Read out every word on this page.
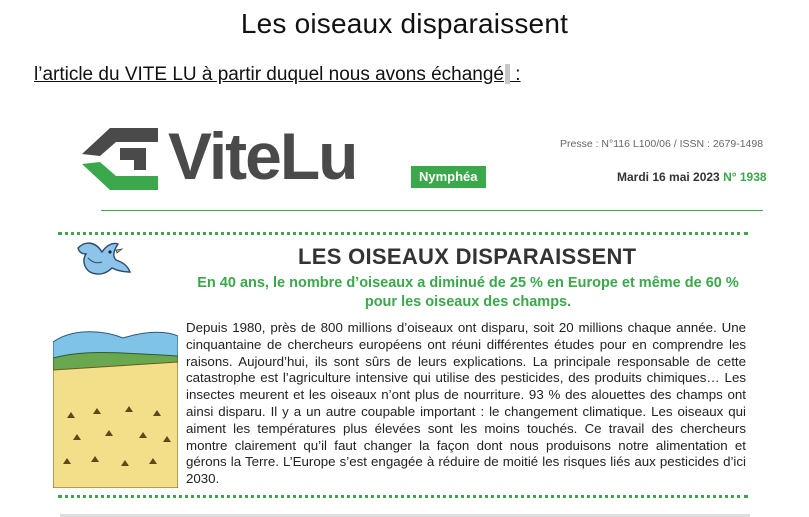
Les oiseaux disparaissent
l’article du VITE LU à partir duquel nous avons échangé :
ViteLu	Nymphéa
Presse : N°116 L100/06 / ISSN : 2679-1498
Mardi 16 mai 2023 N° 1938
LES OISEAUX DISPARAISSENT
En 40 ans, le nombre d’oiseaux a diminué de 25 % en Europe et même de 60 % pour les oiseaux des champs.
Depuis 1980, près de 800 millions d’oiseaux ont disparu, soit 20 millions chaque année. Une cinquantaine de chercheurs européens ont réuni différentes études pour en comprendre les raisons. Aujourd’hui, ils sont sûrs de leurs explications. La principale responsable de cette catastrophe est l’agriculture intensive qui utilise des pesticides, des produits chimiques… Les insectes meurent et les oiseaux n’ont plus de nourriture. 93 % des alouettes des champs ont ainsi disparu. Il y a un autre coupable important : le changement climatique. Les oiseaux qui aiment les températures plus élevées sont les moins touchés. Ce travail des chercheurs montre clairement qu’il faut changer la façon dont nous produisons notre alimentation et gérons la Terre. L’Europe s’est engagée à réduire de moitié les risques liés aux pesticides d’ici 2030.
